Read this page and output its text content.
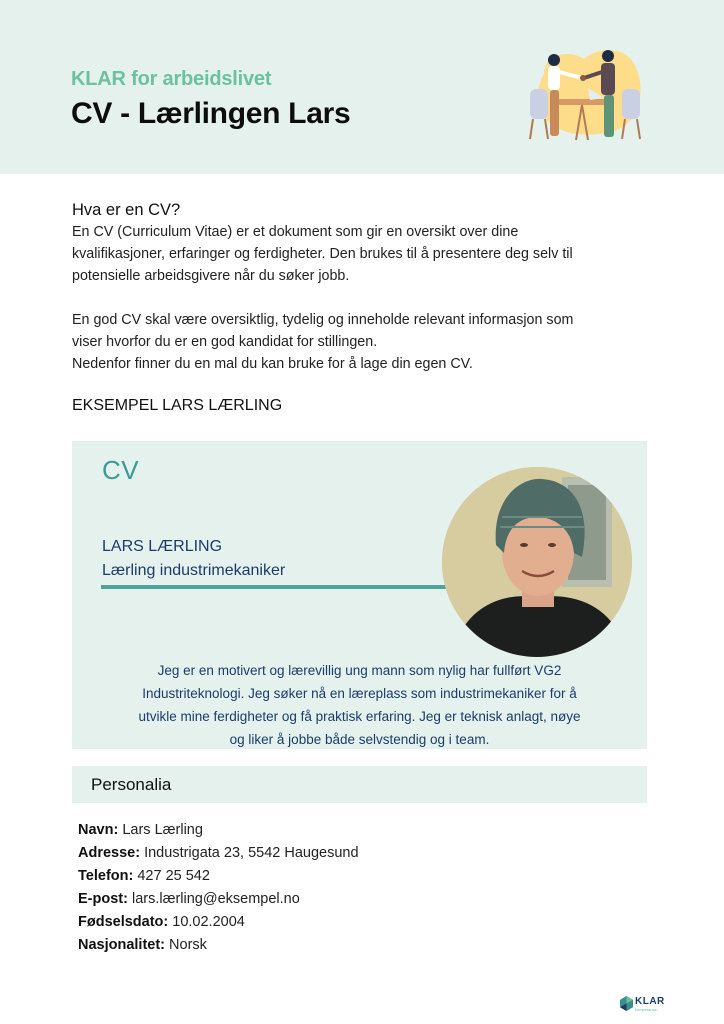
KLAR for arbeidslivet
CV - Lærlingen Lars
Hva er en CV?
En CV (Curriculum Vitae) er et dokument som gir en oversikt over dine
kvalifikasjoner, erfaringer og ferdigheter. Den brukes til å presentere deg selv til
potensielle arbeidsgivere når du søker jobb.
En god CV skal være oversiktlig, tydelig og inneholde relevant informasjon som
viser hvorfor du er en god kandidat for stillingen.
Nedenfor finner du en mal du kan bruke for å lage din egen CV.
EKSEMPEL LARS LÆRLING
CV
LARS LÆRLING
Lærling industrimekaniker
Jeg er en motivert og lærevillig ung mann som nylig har fullført VG2
Industriteknologi. Jeg søker nå en læreplass som industrimekaniker for å
utvikle mine ferdigheter og få praktisk erfaring. Jeg er teknisk anlagt, nøye
og liker å jobbe både selvstendig og i team.
Personalia
Navn: Lars Lærling
Adresse: Industrigata 23, 5542 Haugesund
Telefon: 427 25 542
E-post: lars.lærling@eksempel.no
Fødselsdato: 10.02.2004
Nasjonalitet: Norsk
KLAR
kompetanse
